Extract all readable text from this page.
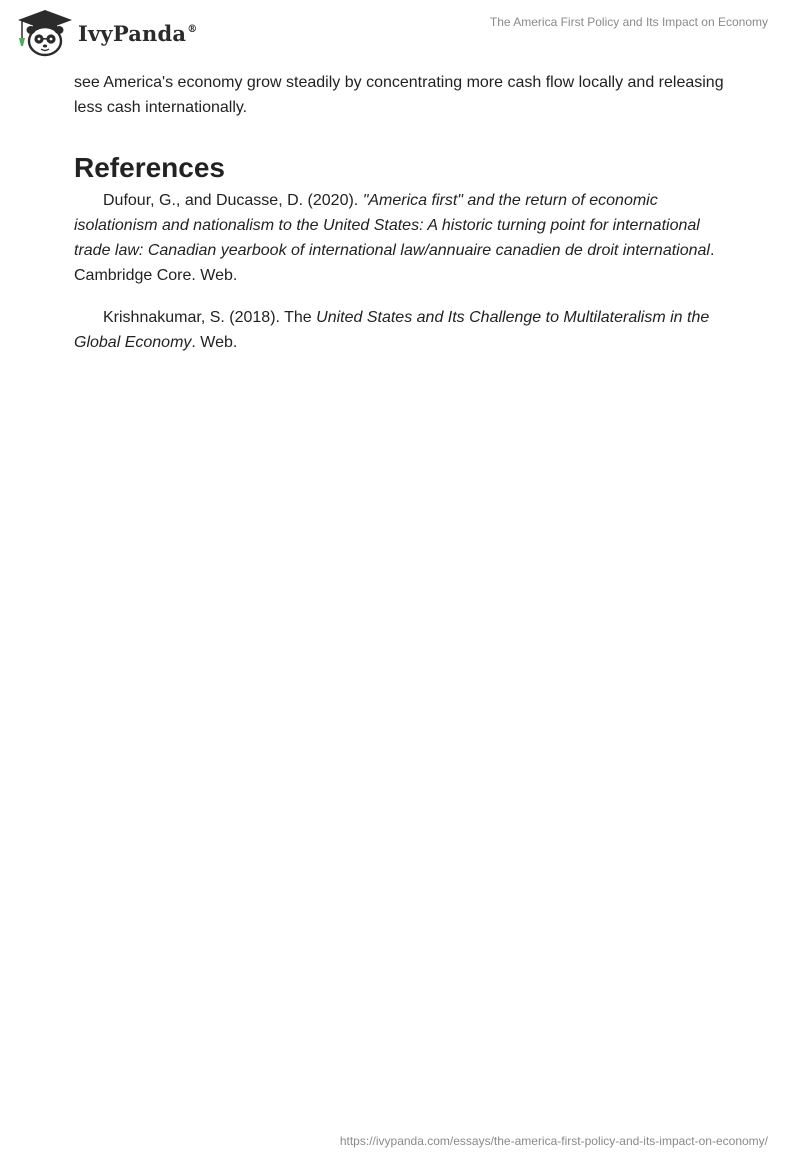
IvyPanda®	The America First Policy and Its Impact on Economy

see America's economy grow steadily by concentrating more cash flow locally and releasing less cash internationally.

References

Dufour, G., and Ducasse, D. (2020). "America first" and the return of economic isolationism and nationalism to the United States: A historic turning point for international trade law: Canadian yearbook of international law/annuaire canadien de droit international. Cambridge Core. Web.

Krishnakumar, S. (2018). The United States and Its Challenge to Multilateralism in the Global Economy. Web.

https://ivypanda.com/essays/the-america-first-policy-and-its-impact-on-economy/
